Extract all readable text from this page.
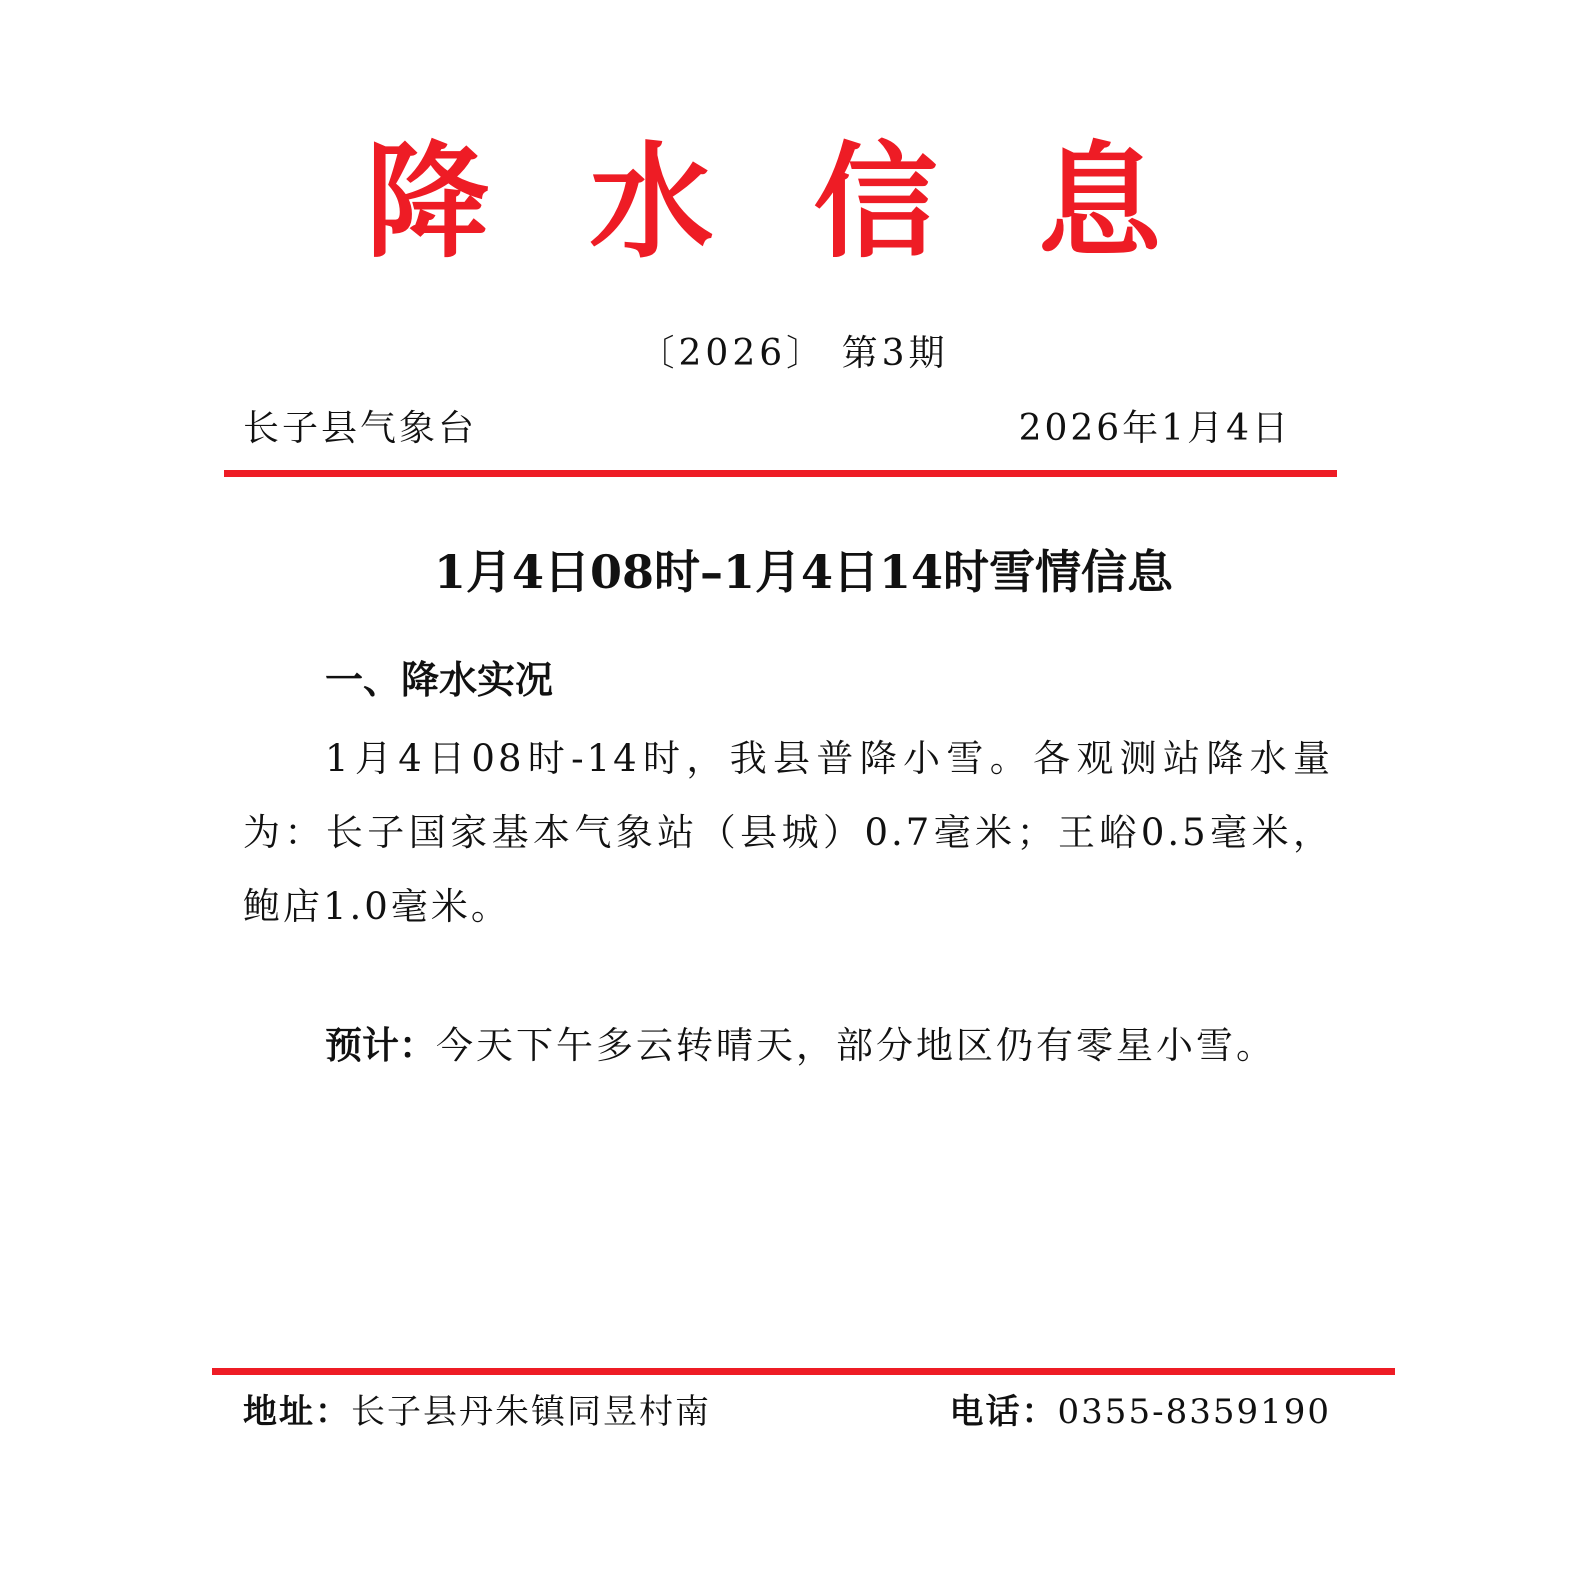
降水信息
〔2026〕 第3期
长子县气象台	2026年1月4日
1月4日08时–1月4日14时雪情信息
一、降水实况
1月4日08时-14时，我县普降小雪。各观测站降水量为：长子国家基本气象站（县城）0.7毫米；王峪0.5毫米，鲍店1.0毫米。
预计：今天下午多云转晴天，部分地区仍有零星小雪。
地址：长子县丹朱镇同昱村南	电话：0355-8359190
